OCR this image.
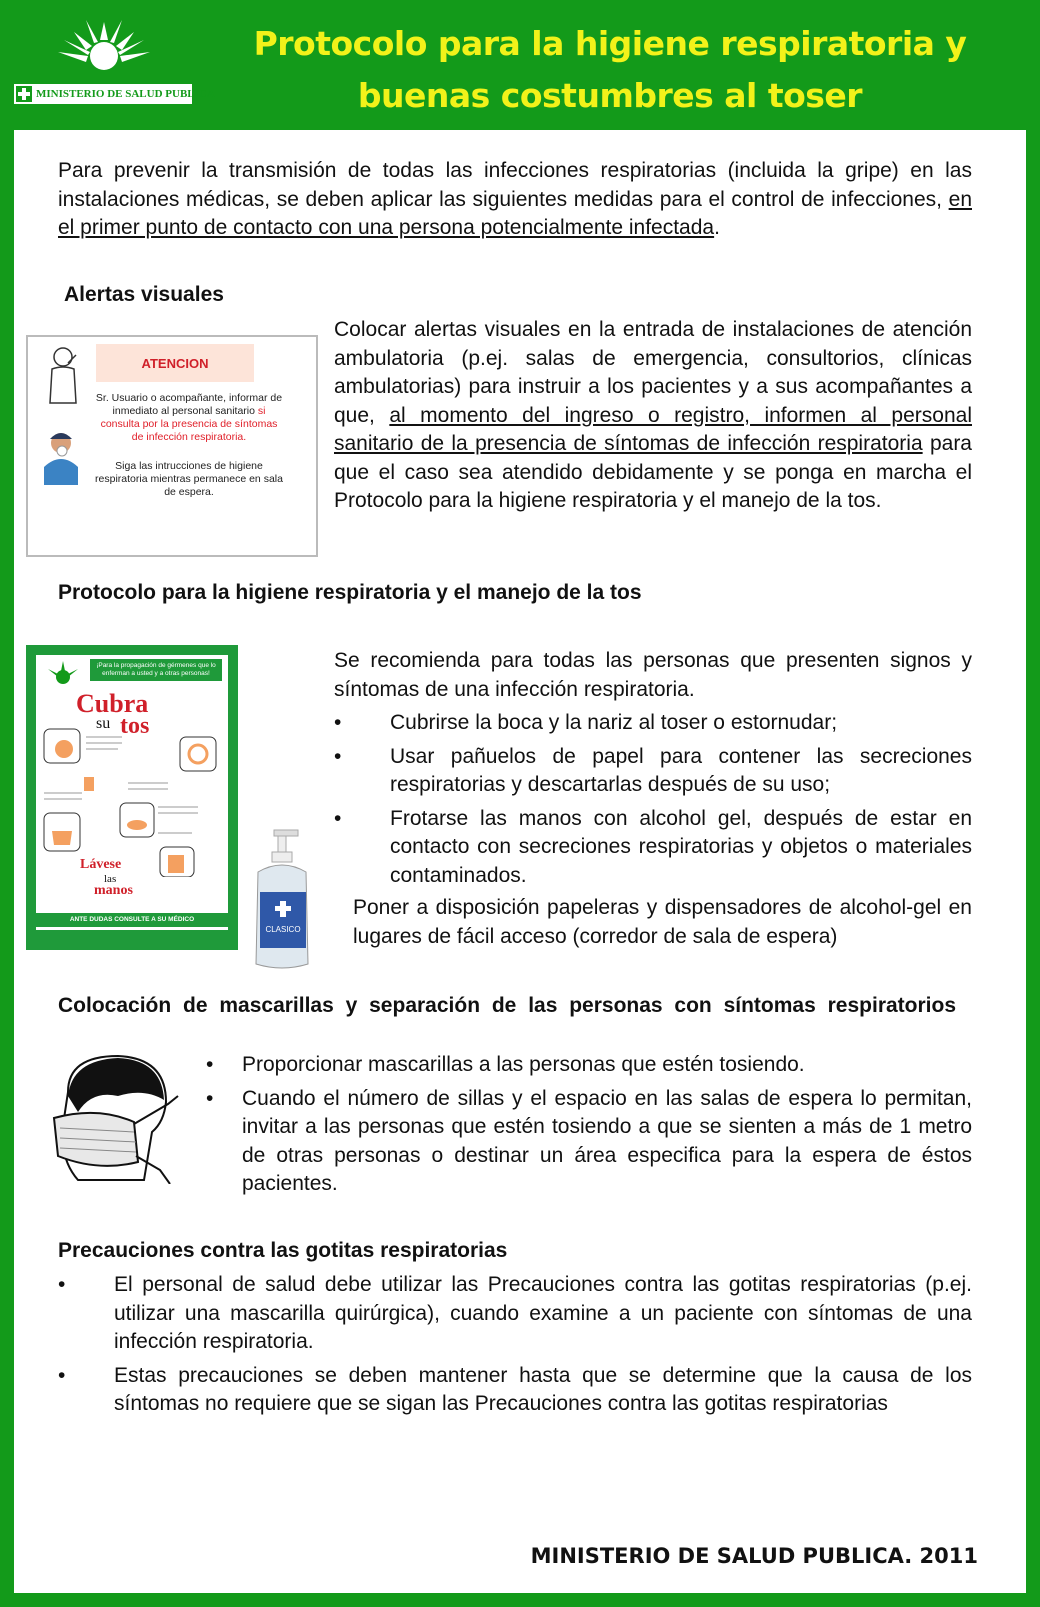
MINISTERIO DE SALUD PUBLICA
Protocolo para la higiene respiratoria y buenas costumbres al toser
Para prevenir la transmisión de todas las infecciones respiratorias (incluida la gripe) en las instalaciones médicas, se deben aplicar las siguientes medidas para el control de infecciones, en el primer punto de contacto con una persona potencialmente infectada.
Alertas visuales
ATENCION
Sr. Usuario o acompañante, informar de inmediato al personal sanitario si consulta por la presencia de síntomas de infección respiratoria.
Siga las intrucciones de higiene respiratoria mientras permanece en sala de espera.
Colocar alertas visuales en la entrada de instalaciones de atención ambulatoria (p.ej. salas de emergencia, consultorios, clínicas ambulatorias) para instruir a los pacientes y a sus acompañantes a que, al momento del ingreso o registro, informen al personal sanitario de la presencia de síntomas de infección respiratoria para que el caso sea atendido debidamente y se ponga en marcha el Protocolo para la higiene respiratoria y el manejo de la tos.
Protocolo para la higiene respiratoria y el manejo de la tos
¡Para la propagación de gérmenes que lo enferman a usted y a otras personas!
Cubra
su tos
Lávese
las
manos
ANTE DUDAS CONSULTE A SU MÉDICO
CLASICO
Se recomienda para todas las personas que presenten signos y síntomas de una infección respiratoria.
• Cubrirse la boca y la nariz al toser o estornudar;
• Usar pañuelos de papel para contener las secreciones respiratorias y descartarlas después de su uso;
• Frotarse las manos con alcohol gel, después de estar en contacto con secreciones respiratorias y objetos o materiales contaminados.
Poner a disposición papeleras y dispensadores de alcohol-gel en lugares de fácil acceso (corredor de sala de espera)
Colocación de mascarillas y separación de las personas con síntomas respiratorios
• Proporcionar mascarillas a las personas que estén tosiendo.
• Cuando el número de sillas y el espacio en las salas de espera lo permitan, invitar a las personas que estén tosiendo a que se sienten a más de 1 metro de otras personas o destinar un área especifica para la espera de éstos pacientes.
Precauciones contra las gotitas respiratorias
• El personal de salud debe utilizar las Precauciones contra las gotitas respiratorias (p.ej. utilizar una mascarilla quirúrgica), cuando examine a un paciente con síntomas de una infección respiratoria.
• Estas precauciones se deben mantener hasta que se determine que la causa de los síntomas no requiere que se sigan las Precauciones contra las gotitas respiratorias
MINISTERIO DE SALUD PUBLICA. 2011
